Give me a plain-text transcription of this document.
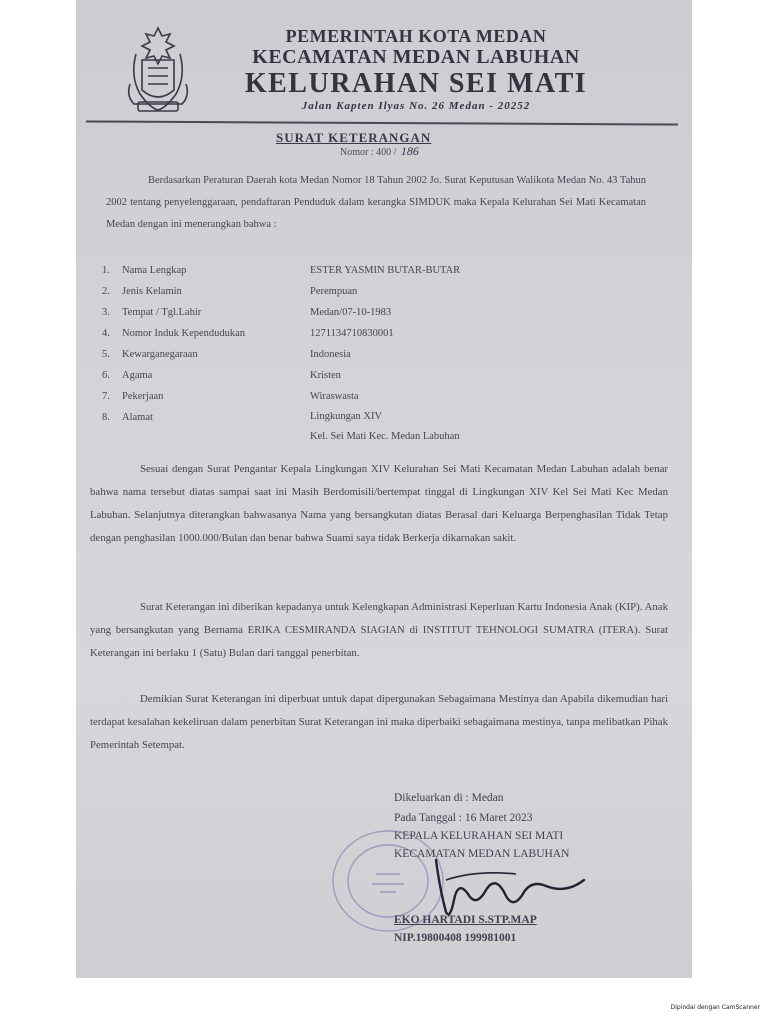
PEMERINTAH KOTA MEDAN
KECAMATAN MEDAN LABUHAN
KELURAHAN SEI MATI
Jalan Kapten Ilyas No. 26 Medan - 20252
SURAT KETERANGAN
Nomor : 400 / 186
Berdasarkan Peraturan Daerah kota Medan Nomor 18 Tahun 2002 Jo. Surat Keputusan Walikota Medan No. 43 Tahun 2002 tentang penyelenggaraan, pendaftaran Penduduk dalam kerangka SIMDUK maka Kepala Kelurahan Sei Mati Kecamatan Medan dengan ini menerangkan bahwa :
1.	Nama Lengkap	ESTER YASMIN BUTAR-BUTAR
2.	Jenis Kelamin	Perempuan
3.	Tempat / Tgl.Lahir	Medan/07-10-1983
4.	Nomor Induk Kependudukan	1271134710830001
5.	Kewarganegaraan	Indonesia
6.	Agama	Kristen
7.	Pekerjaan	Wiraswasta
8.	Alamat	Lingkungan XIV
Kel. Sei Mati Kec. Medan Labuhan
Sesuai dengan Surat Pengantar Kepala Lingkungan XIV Kelurahan Sei Mati Kecamatan Medan Labuhan adalah benar bahwa nama tersebut diatas sampai saat ini Masih Berdomisili/bertempat tinggal di Lingkungan XIV Kel Sei Mati Kec Medan Labuhan. Selanjutnya diterangkan bahwasanya Nama yang bersangkutan diatas Berasal dari Keluarga Berpenghasilan Tidak Tetap dengan penghasilan 1000.000/Bulan dan benar bahwa Suami saya tidak Berkerja dikarnakan sakit.
Surat Keterangan ini diberikan kepadanya untuk Kelengkapan Administrasi Keperluan Kartu Indonesia Anak (KIP). Anak yang bersangkutan yang Bernama ERIKA CESMIRANDA SIAGIAN di INSTITUT TEHNOLOGI SUMATRA (ITERA). Surat Keterangan ini berlaku 1 (Satu) Bulan dari tanggal penerbitan.
Demikian Surat Keterangan ini diperbuat untuk dapat dipergunakan Sebagaimana Mestinya dan Apabila dikemudian hari terdapat kesalahan kekeliruan dalam penerbitan Surat Keterangan ini maka diperbaiki sebagaimana mestinya, tanpa melibatkan Pihak Pemerintah Setempat.
Dikeluarkan di : Medan
Pada Tanggal : 16 Maret 2023
KEPALA KELURAHAN SEI MATI
KECAMATAN MEDAN LABUHAN
EKO HARTADI S.STP.MAP
NIP.19800408 199981001
Dipindai dengan CamScanner
